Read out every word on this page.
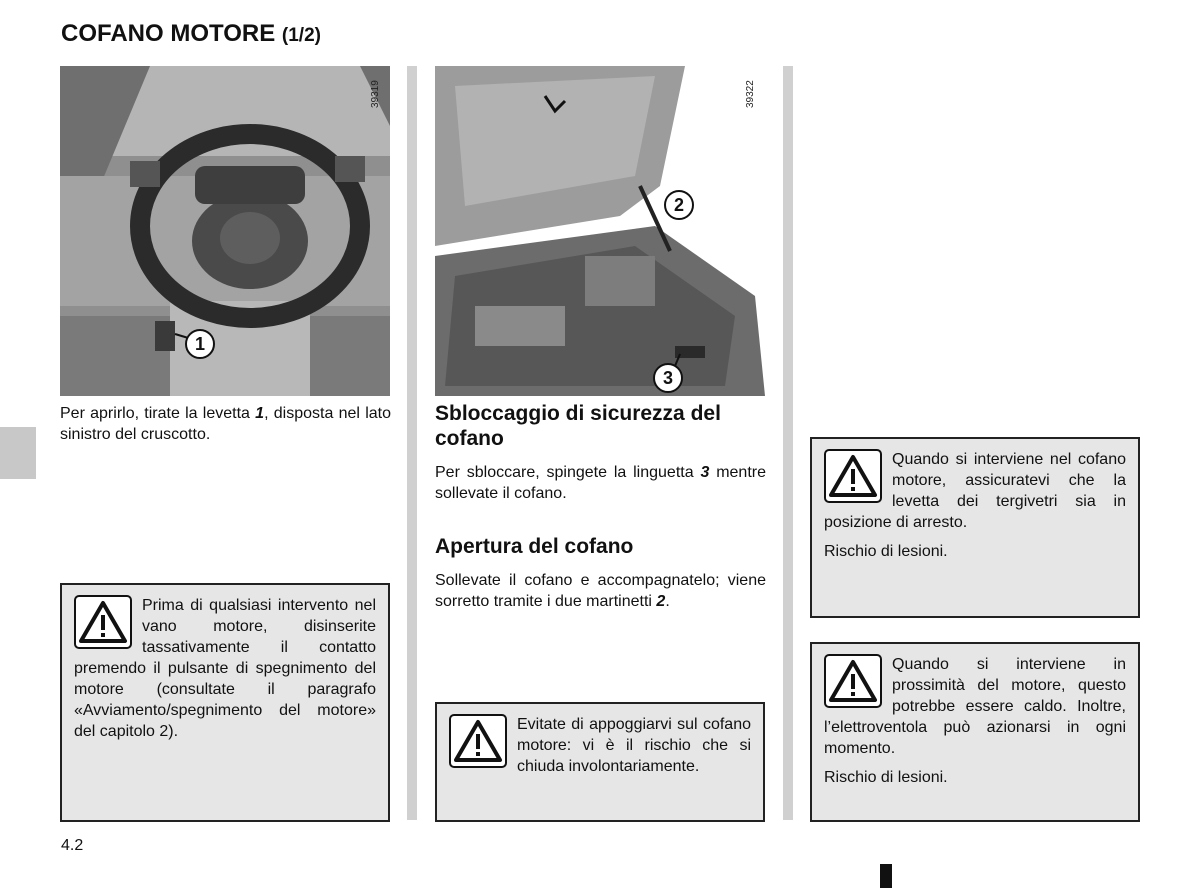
COFANO MOTORE (1/2)
39319
1
39322
2
3
Per aprirlo, tirate la levetta 1, disposta nel lato sinistro del cruscotto.

Prima di qualsiasi intervento nel vano motore, disinserite tassativamente il contatto premendo il pulsante di spegnimento del motore (consultate il paragrafo «Avviamento/spegnimento del motore» del capitolo 2).

Sbloccaggio di sicurezza del cofano
Per sbloccare, spingete la linguetta 3 mentre sollevate il cofano.
Apertura del cofano
Sollevate il cofano e accompagnatelo; viene sorretto tramite i due martinetti 2.

Evitate di appoggiarvi sul cofano motore: vi è il rischio che si chiuda involontariamente.

Quando si interviene nel cofano motore, assicuratevi che la levetta dei tergivetri sia in posizione di arresto.

Rischio di lesioni.

Quando si interviene in prossimità del motore, questo potrebbe essere caldo. Inoltre, l’elettroventola può azionarsi in ogni momento.

Rischio di lesioni.

4.2
